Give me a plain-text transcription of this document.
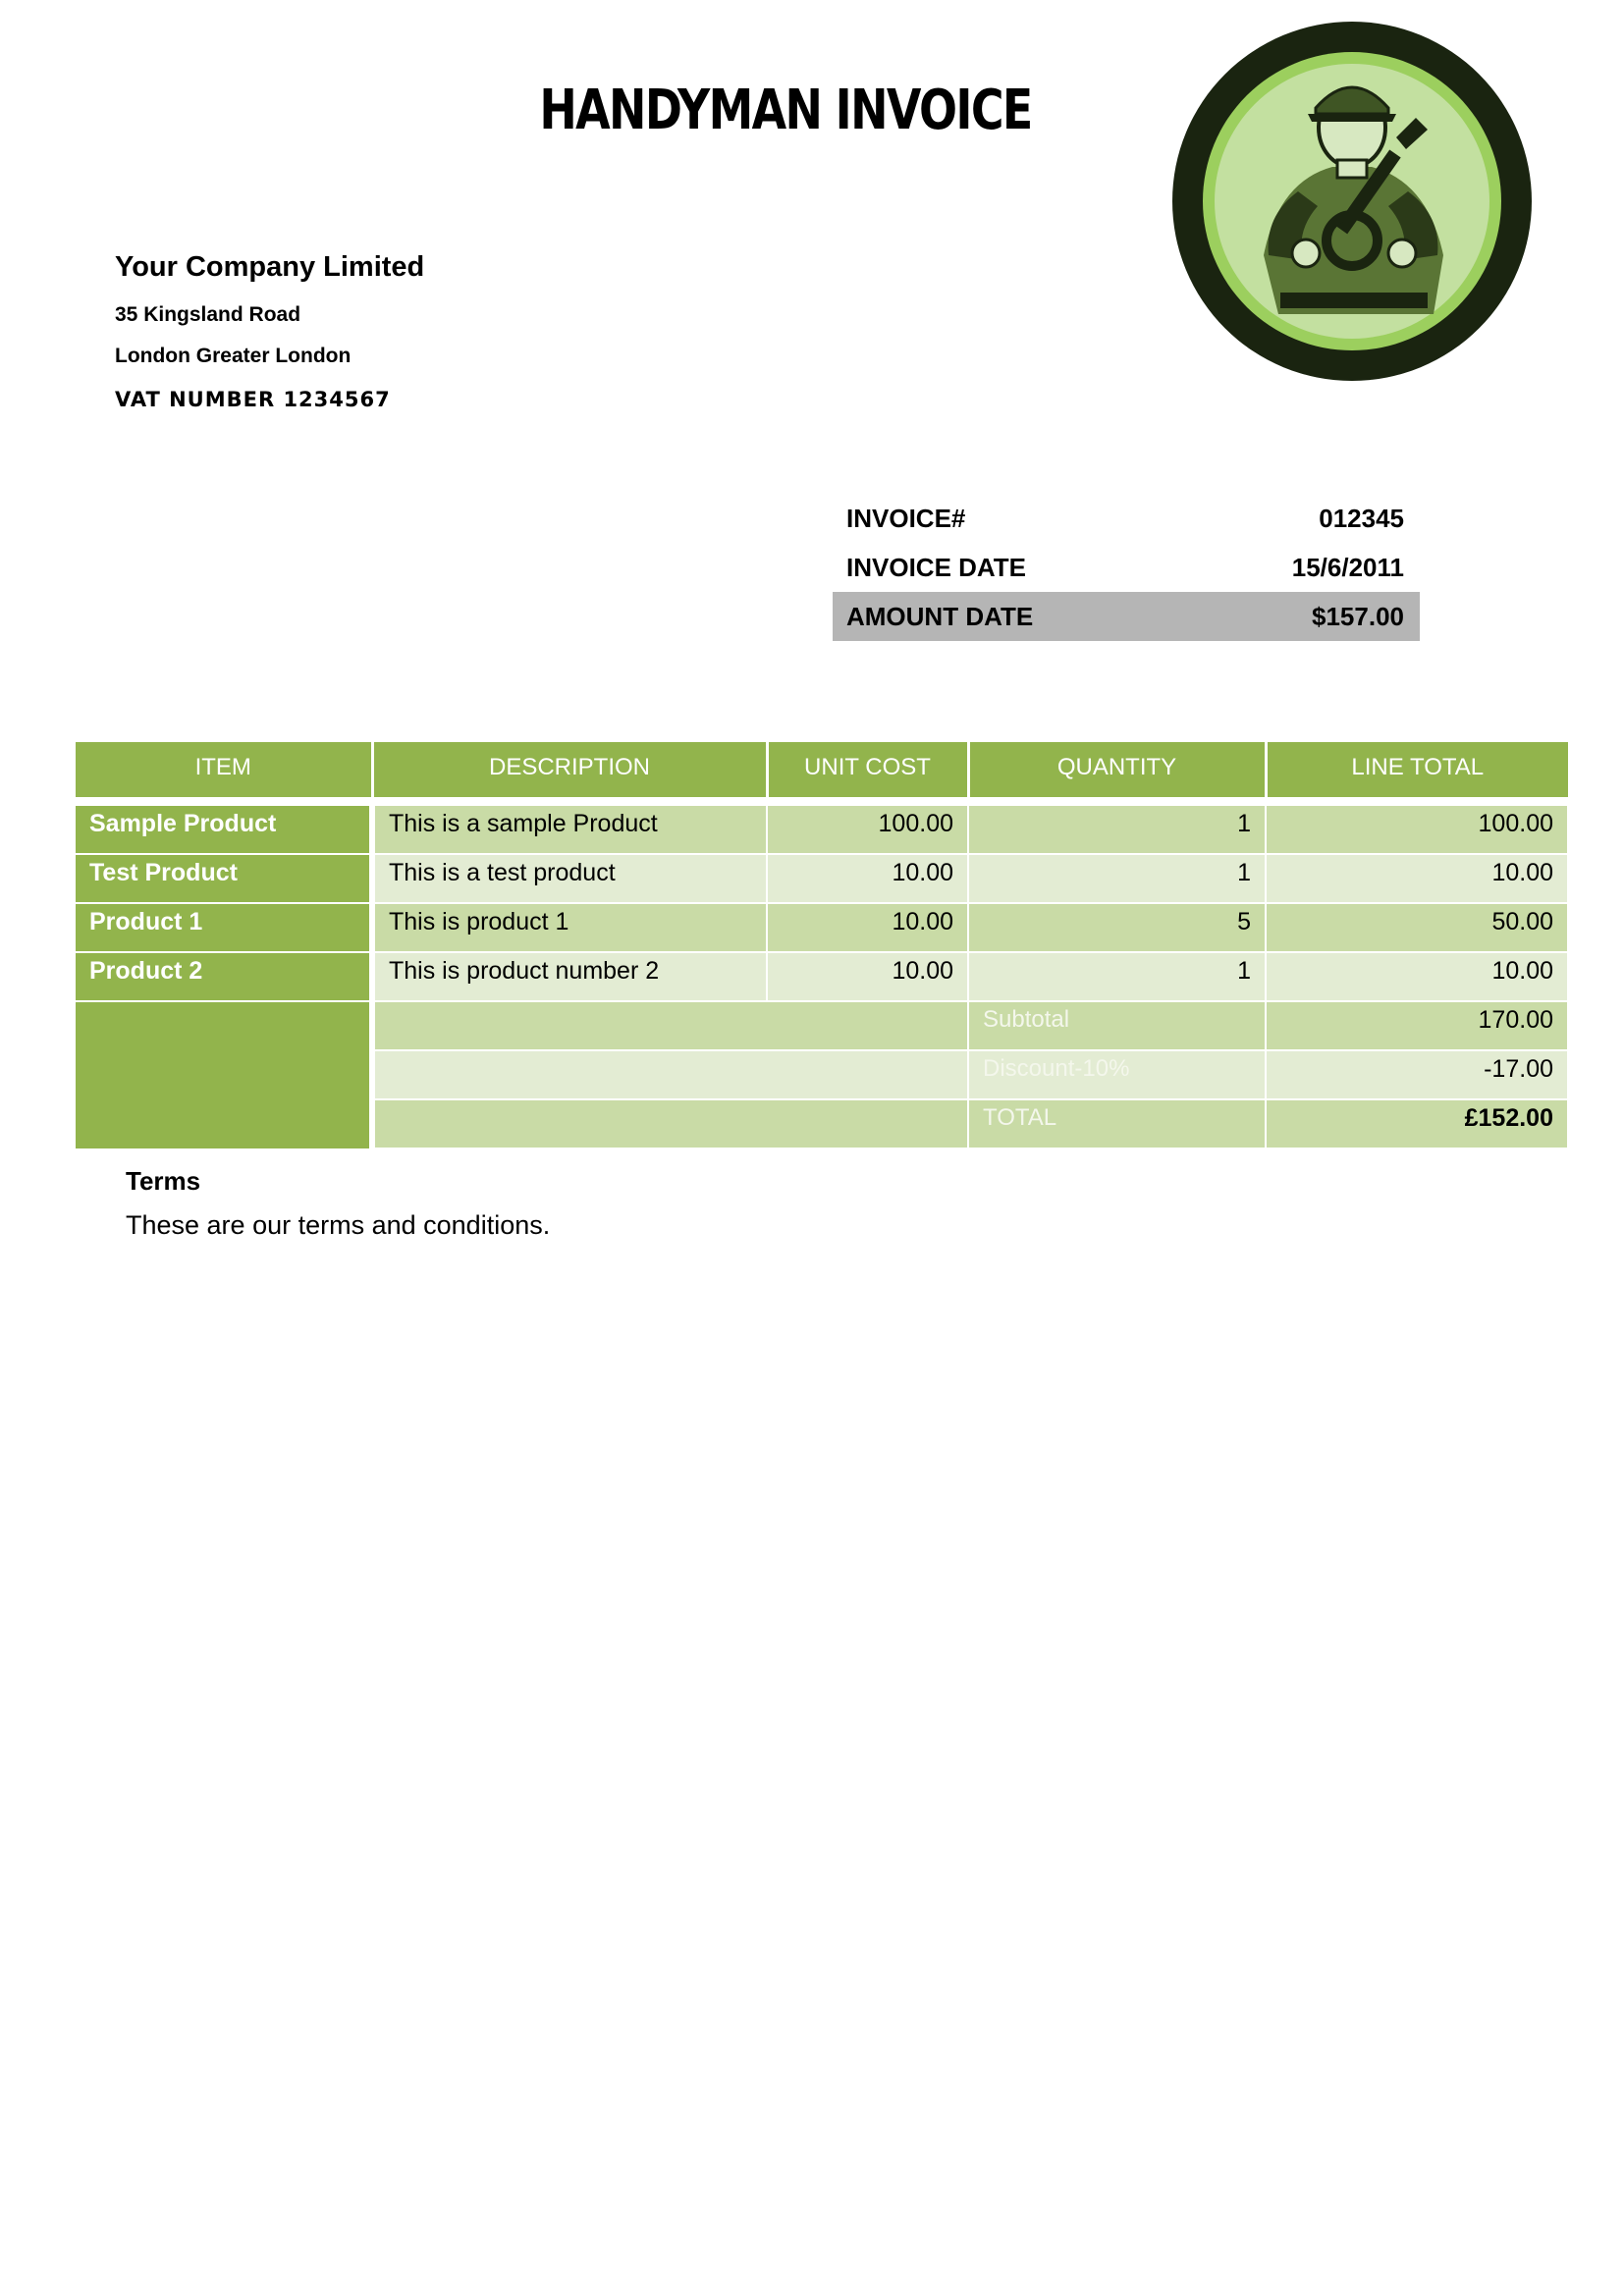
HANDYMAN INVOICE
Your Company Limited
35 Kingsland Road
London Greater London
VAT NUMBER 1234567
INVOICE#	012345
INVOICE DATE	15/6/2011
AMOUNT DATE	$157.00
ITEM	DESCRIPTION	UNIT COST	QUANTITY	LINE TOTAL

Sample Product	This is a sample Product	100.00	1	100.00
Test Product	This is a test product	10.00	1	10.00
Product 1	This is product 1	10.00	5	50.00
Product 2	This is product number 2	10.00	1	10.00
			Subtotal	170.00
			Discount-10%	-17.00
			TOTAL	£152.00
Terms
These are our terms and conditions.
